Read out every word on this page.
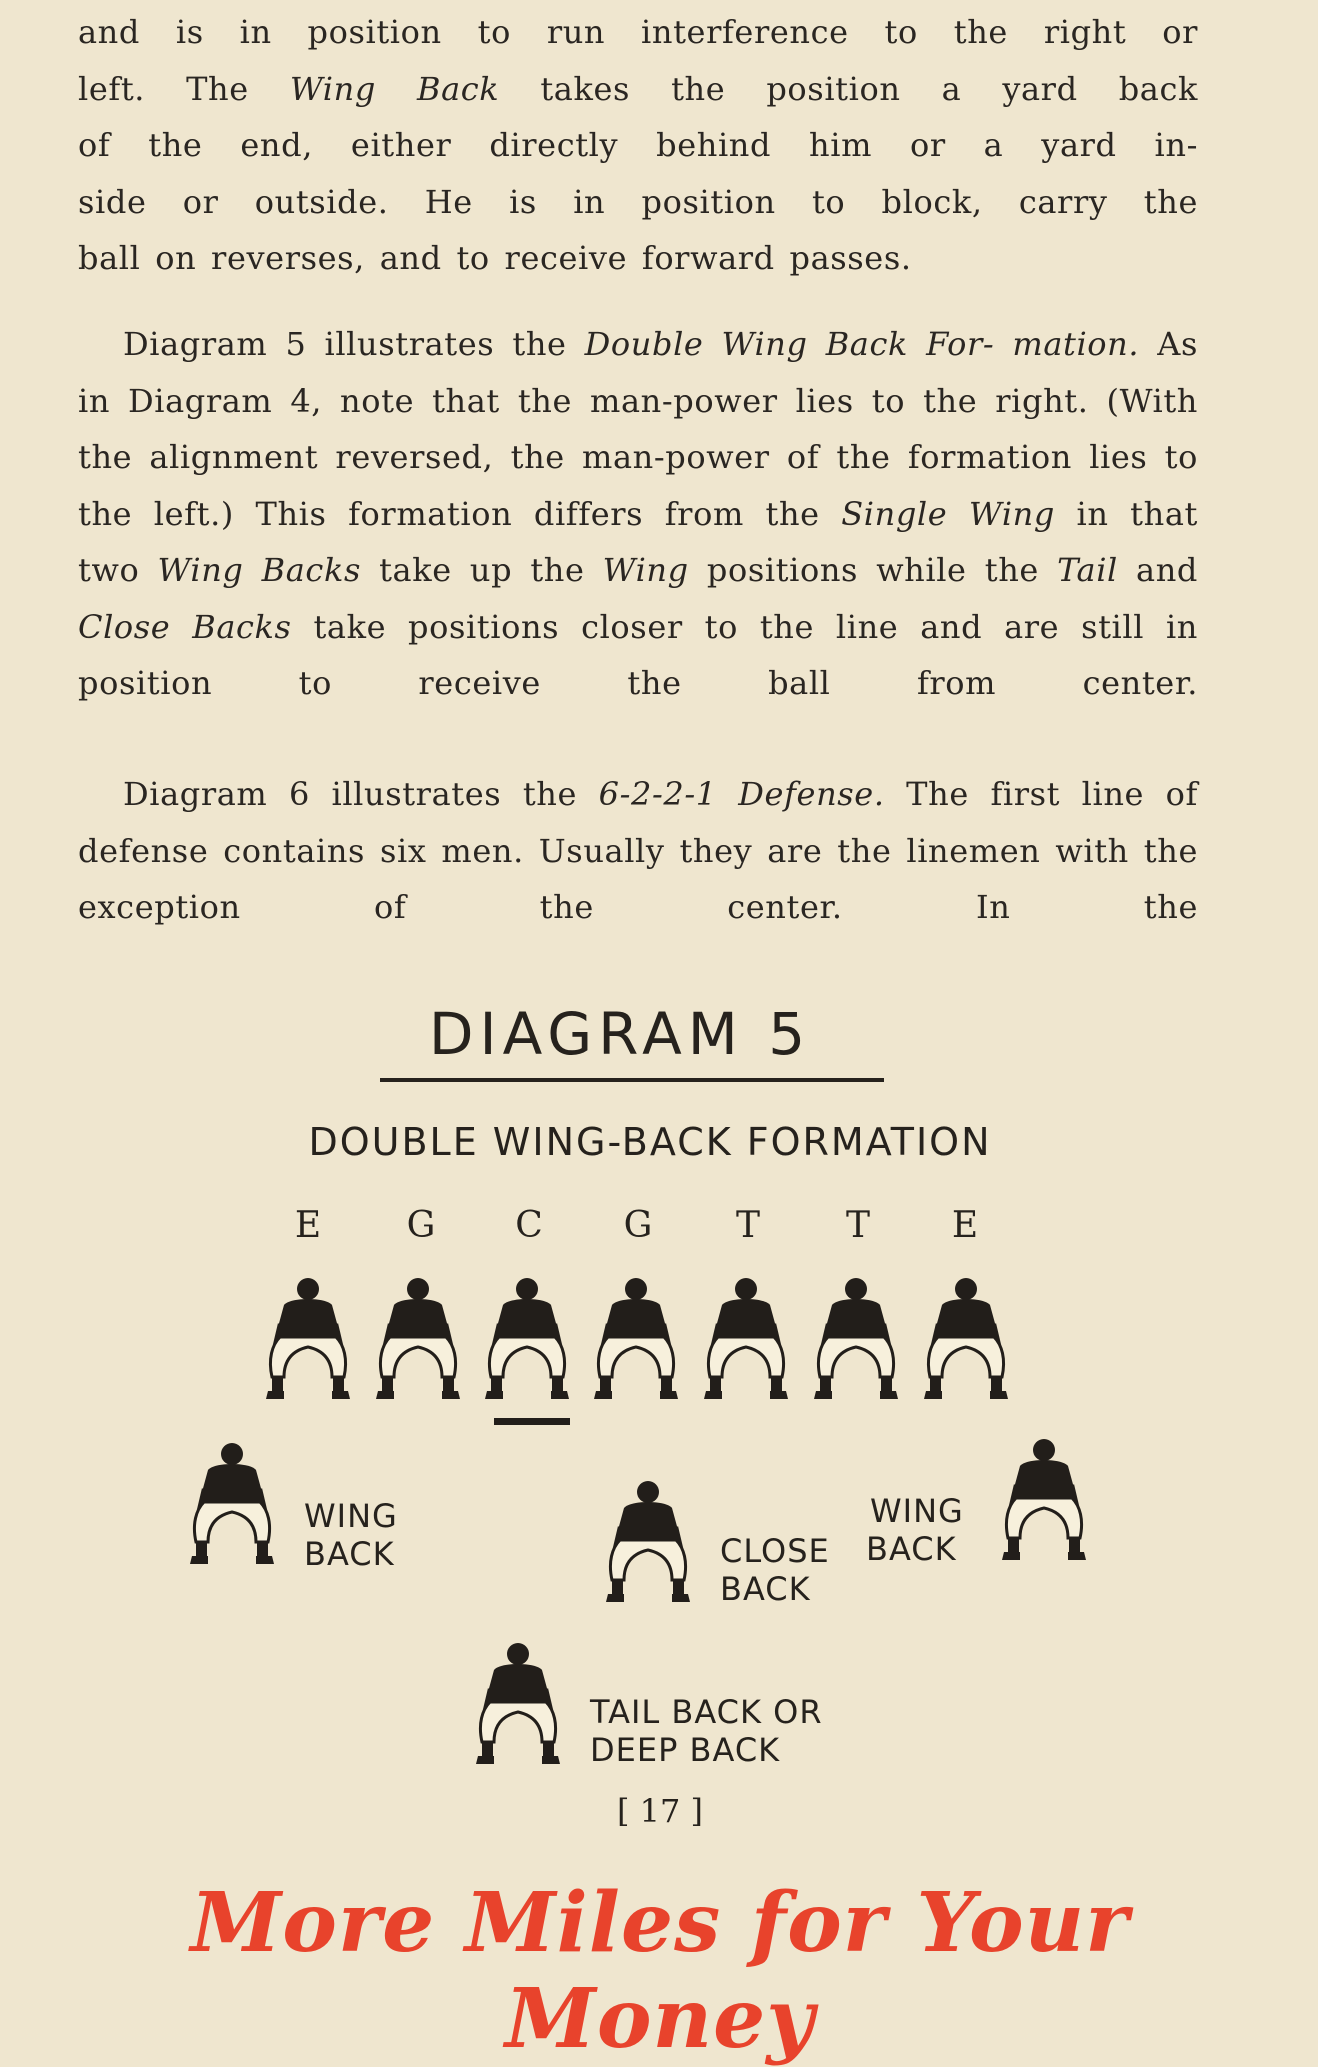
and is in position to run interference to the right or
left. The Wing Back takes the position a yard back
of the end, either directly behind him or a yard in-
side or outside. He is in position to block, carry the
ball on reverses, and to receive forward passes.

Diagram 5 illustrates the Double Wing Back For- mation. As in Diagram 4, note that the man-power lies to the right. (With the alignment reversed, the man-power of the formation lies to the left.) This formation differs from the Single Wing in that two Wing Backs take up the Wing positions while the Tail and Close Backs take positions closer to the line and are still in position to receive the ball from center.

Diagram 6 illustrates the 6-2-2-1 Defense. The first line of defense contains six men. Usually they are the linemen with the exception of the center. In the

DIAGRAM 5
DOUBLE WING-BACK FORMATION
E	G	C	G	T	T	E
WING
BACK	CLOSE
BACK
WING
BACK
TAIL BACK OR
DEEP BACK
[ 17 ]
More Miles for Your Money
